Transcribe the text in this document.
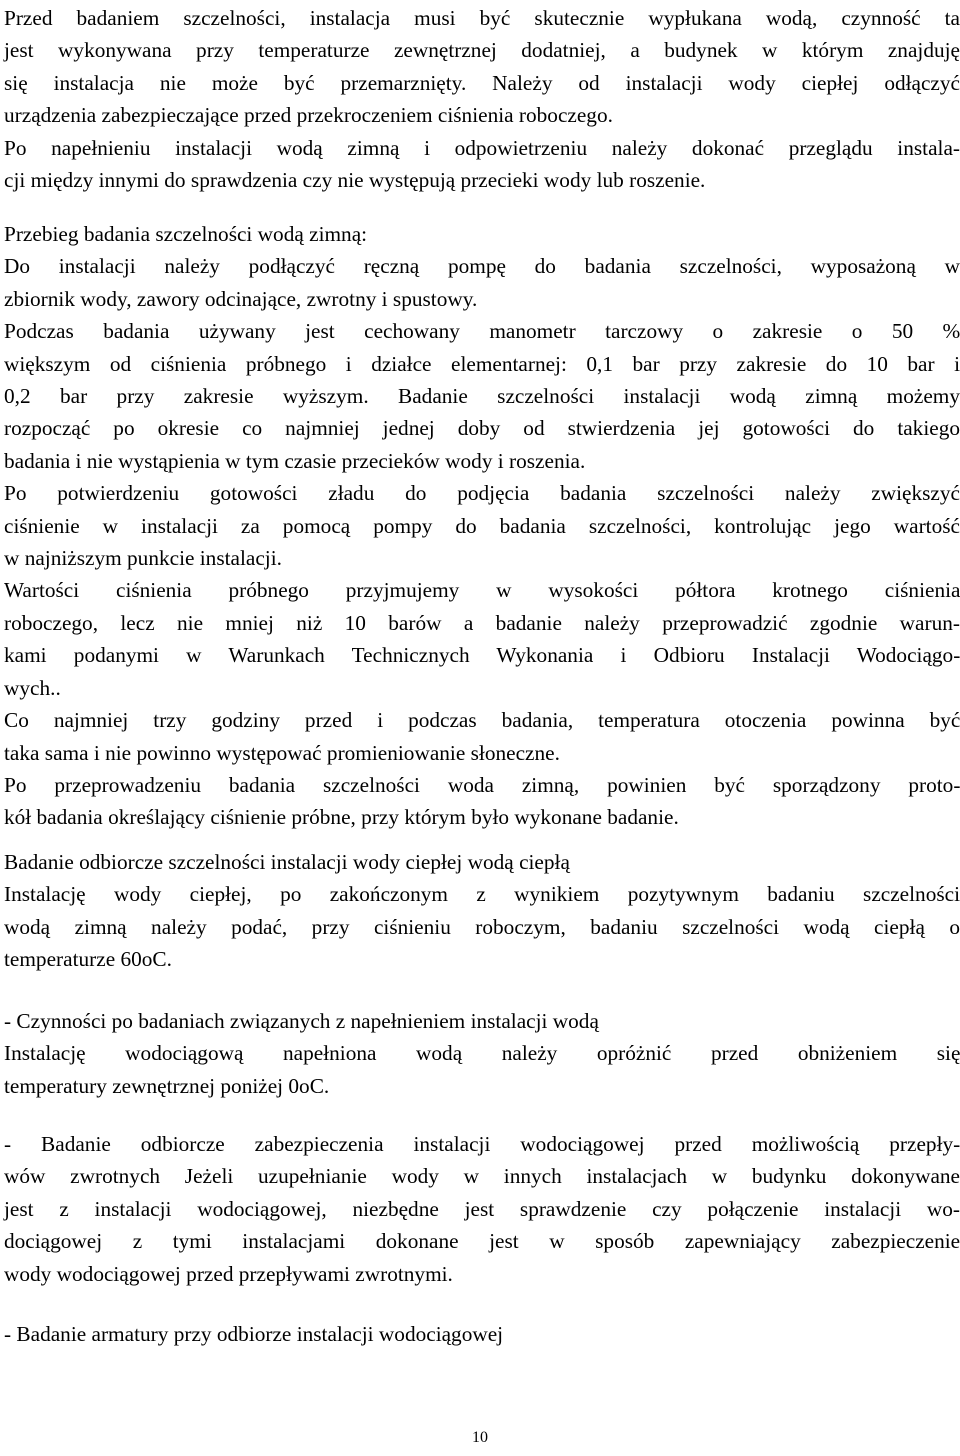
Przed badaniem szczelności, instalacja musi być skutecznie wypłukana wodą, czynność ta
jest wykonywana przy temperaturze zewnętrznej dodatniej, a budynek w którym znajduję
się instalacja nie może być przemarznięty. Należy od instalacji wody ciepłej odłączyć
urządzenia zabezpieczające przed przekroczeniem ciśnienia roboczego.
Po napełnieniu instalacji wodą zimną i odpowietrzeniu należy dokonać przeglądu instala-
cji między innymi do sprawdzenia czy nie występują przecieki wody lub roszenie.
Przebieg badania szczelności wodą zimną:
Do instalacji należy podłączyć ręczną pompę do badania szczelności, wyposażoną w
zbiornik wody, zawory odcinające, zwrotny i spustowy.
Podczas badania używany jest cechowany manometr tarczowy o zakresie o 50 %
większym od ciśnienia próbnego i działce elementarnej: 0,1 bar przy zakresie do 10 bar i
0,2 bar przy zakresie wyższym. Badanie szczelności instalacji wodą zimną możemy
rozpocząć po okresie co najmniej jednej doby od stwierdzenia jej gotowości do takiego
badania i nie wystąpienia w tym czasie przecieków wody i roszenia.
Po potwierdzeniu gotowości zładu do podjęcia badania szczelności należy zwiększyć
ciśnienie w instalacji za pomocą pompy do badania szczelności, kontrolując jego wartość
w najniższym punkcie instalacji.
Wartości ciśnienia próbnego przyjmujemy w wysokości półtora krotnego ciśnienia
roboczego, lecz nie mniej niż 10 barów a badanie należy przeprowadzić zgodnie warun-
kami podanymi w Warunkach Technicznych Wykonania i Odbioru Instalacji Wodociągo-
wych..
Co najmniej trzy godziny przed i podczas badania, temperatura otoczenia powinna być
taka sama i nie powinno występować promieniowanie słoneczne.
Po przeprowadzeniu badania szczelności woda zimną, powinien być sporządzony proto-
kół badania określający ciśnienie próbne, przy którym było wykonane badanie.
Badanie odbiorcze szczelności instalacji wody ciepłej wodą ciepłą
Instalację wody ciepłej, po zakończonym z wynikiem pozytywnym badaniu szczelności
wodą zimną należy podać, przy ciśnieniu roboczym, badaniu szczelności wodą ciepłą o
temperaturze 60oC.
- Czynności po badaniach związanych z napełnieniem instalacji wodą
Instalację wodociągową napełniona wodą należy opróżnić przed obniżeniem się
temperatury zewnętrznej poniżej 0oC.
- Badanie odbiorcze zabezpieczenia instalacji wodociągowej przed możliwością przepły-
wów zwrotnych Jeżeli uzupełnianie wody w innych instalacjach w budynku dokonywane
jest z instalacji wodociągowej, niezbędne jest sprawdzenie czy połączenie instalacji wo-
dociągowej z tymi instalacjami dokonane jest w sposób zapewniający zabezpieczenie
wody wodociągowej przed przepływami zwrotnymi.
- Badanie armatury przy odbiorze instalacji wodociągowej
10
